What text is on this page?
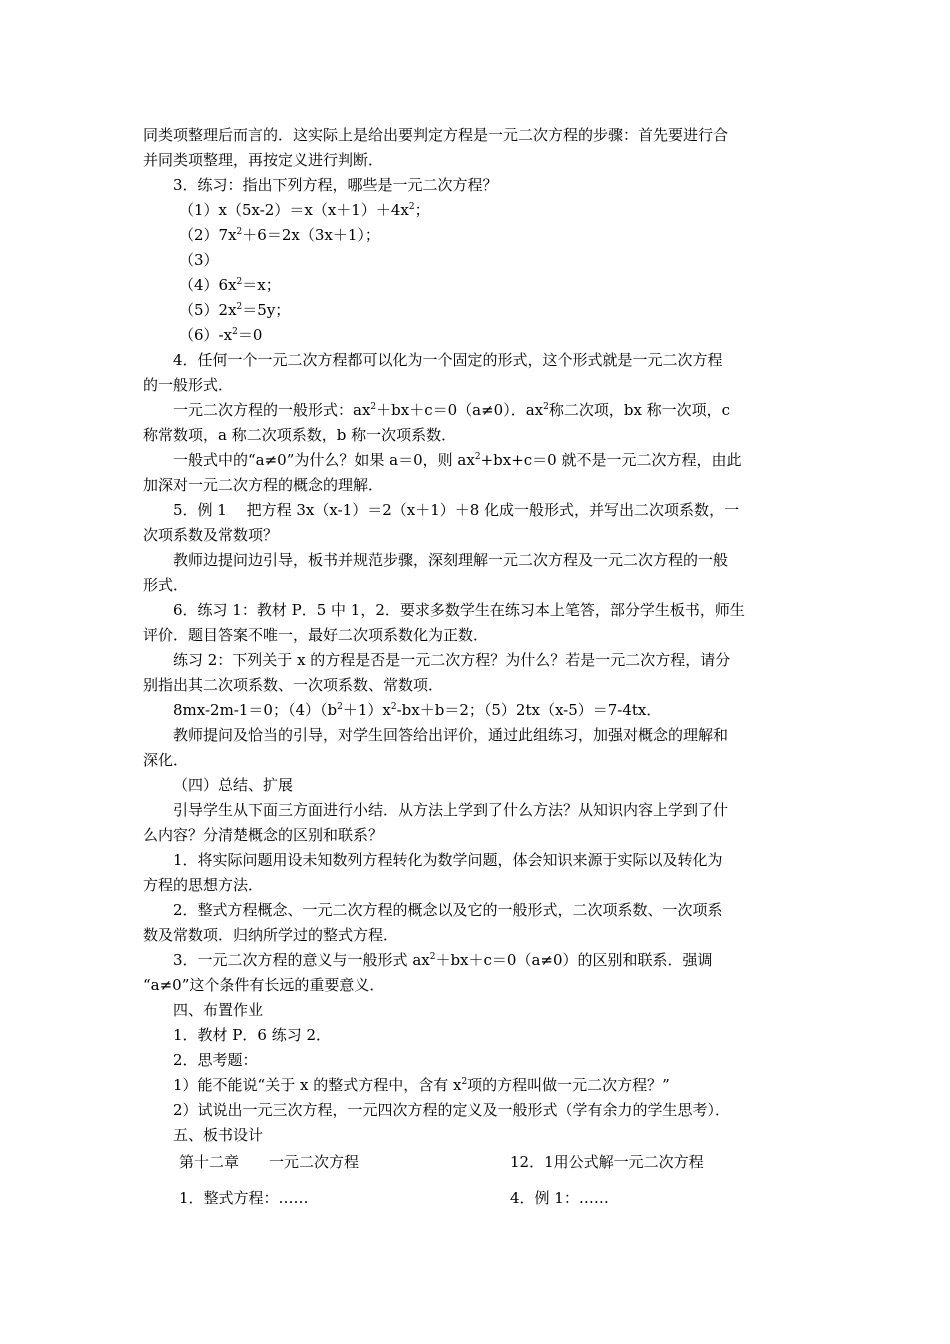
同类项整理后而言的．这实际上是给出要判定方程是一元二次方程的步骤：首先要进行合
并同类项整理，再按定义进行判断．
3．练习：指出下列方程，哪些是一元二次方程？
$(1)x(5x-2)=x(x+1)+4x^2$；
$(2)7x^2+6=2x(3x+1)$；
（3）
$(4)6x^2=x$；
$(5)2x^2=5y$；
$(6)-x^2=0$
4．任何一个一元二次方程都可以化为一个固定的形式，这个形式就是一元二次方程
的一般形式．
一元二次方程的一般形式：$ax^2+bx+c=0(a\ne 0)$．$ax^2$称二次项，bx 称一次项，c
称常数项，a 称二次项系数，b 称一次项系数．
一般式中的“a≠0”为什么？如果 a＝0，则 $ax^2+bx+c=0$ 就不是一元二次方程，由此
加深对一元二次方程的概念的理解．
5．例 1　 把方程 3x（x-1）＝2（x＋1）＋8 化成一般形式，并写出二次项系数，一
次项系数及常数项？
教师边提问边引导，板书并规范步骤，深刻理解一元二次方程及一元二次方程的一般
形式．
6．练习 1：教材 P．5 中 1，2．要求多数学生在练习本上笔答，部分学生板书，师生
评价．题目答案不唯一，最好二次项系数化为正数．
练习 2：下列关于 x 的方程是否是一元二次方程？为什么？若是一元二次方程，请分
别指出其二次项系数、一次项系数、常数项．
8mx-2m-1＝0；$(4)(b^2+1)x^2-bx+b=2$；（5）2tx（x-5）＝7-4tx．
教师提问及恰当的引导，对学生回答给出评价，通过此组练习，加强对概念的理解和
深化．
（四）总结、扩展
引导学生从下面三方面进行小结．从方法上学到了什么方法？从知识内容上学到了什
么内容？分清楚概念的区别和联系？
1．将实际问题用设未知数列方程转化为数学问题，体会知识来源于实际以及转化为
方程的思想方法．
2．整式方程概念、一元二次方程的概念以及它的一般形式，二次项系数、一次项系
数及常数项．归纳所学过的整式方程．
3．一元二次方程的意义与一般形式 $ax^2+bx+c=0(a\ne 0)$的区别和联系．强调
“a≠0”这个条件有长远的重要意义．
四、布置作业
1．教材 P．6 练习 2．
2．思考题：
1）能不能说“关于 x 的整式方程中，含有 $x^2$项的方程叫做一元二次方程？”
2）试说出一元三次方程，一元四次方程的定义及一般形式（学有余力的学生思考）．
五、板书设计
第十二章　　一元二次方程	12．1用公式解一元二次方程
1．整式方程：……	4．例 1：……
